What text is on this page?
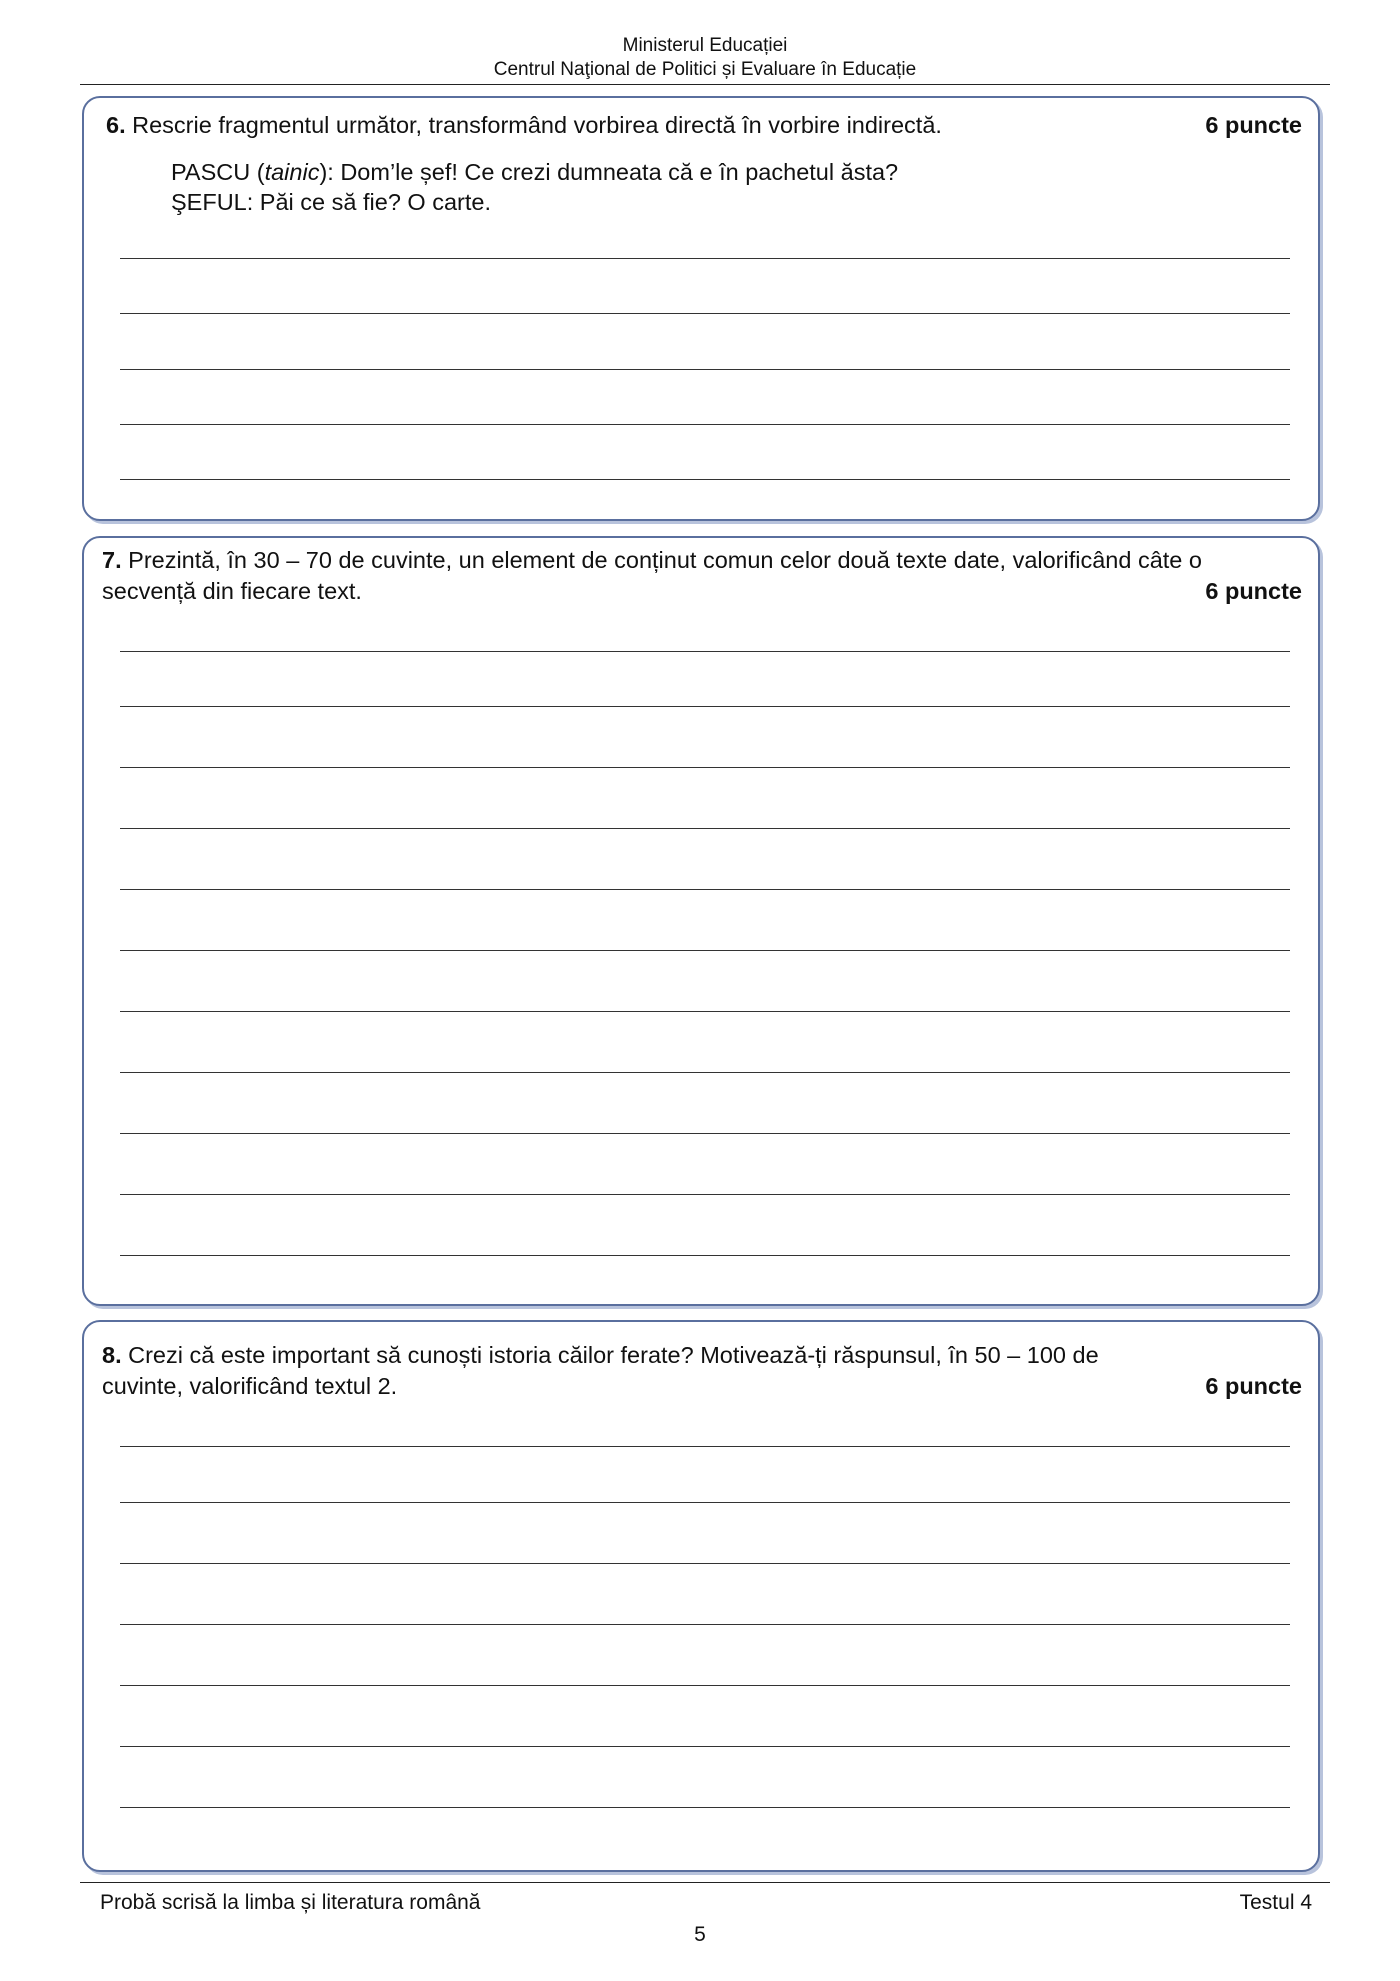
Ministerul Educației
Centrul Naţional de Politici și Evaluare în Educație
6. Rescrie fragmentul următor, transformând vorbirea directă în vorbire indirectă.	6 puncte
PASCU (tainic): Dom’le șef! Ce crezi dumneata că e în pachetul ăsta?
ŞEFUL: Păi ce să fie? O carte.
7. Prezintă, în 30 – 70 de cuvinte, un element de conținut comun celor două texte date, valorificând câte o
secvență din fiecare text.	6 puncte
8. Crezi că este important să cunoști istoria căilor ferate? Motivează-ți răspunsul, în 50 – 100 de
cuvinte, valorificând textul 2.	6 puncte
Probă scrisă la limba și literatura română	Testul 4
5
